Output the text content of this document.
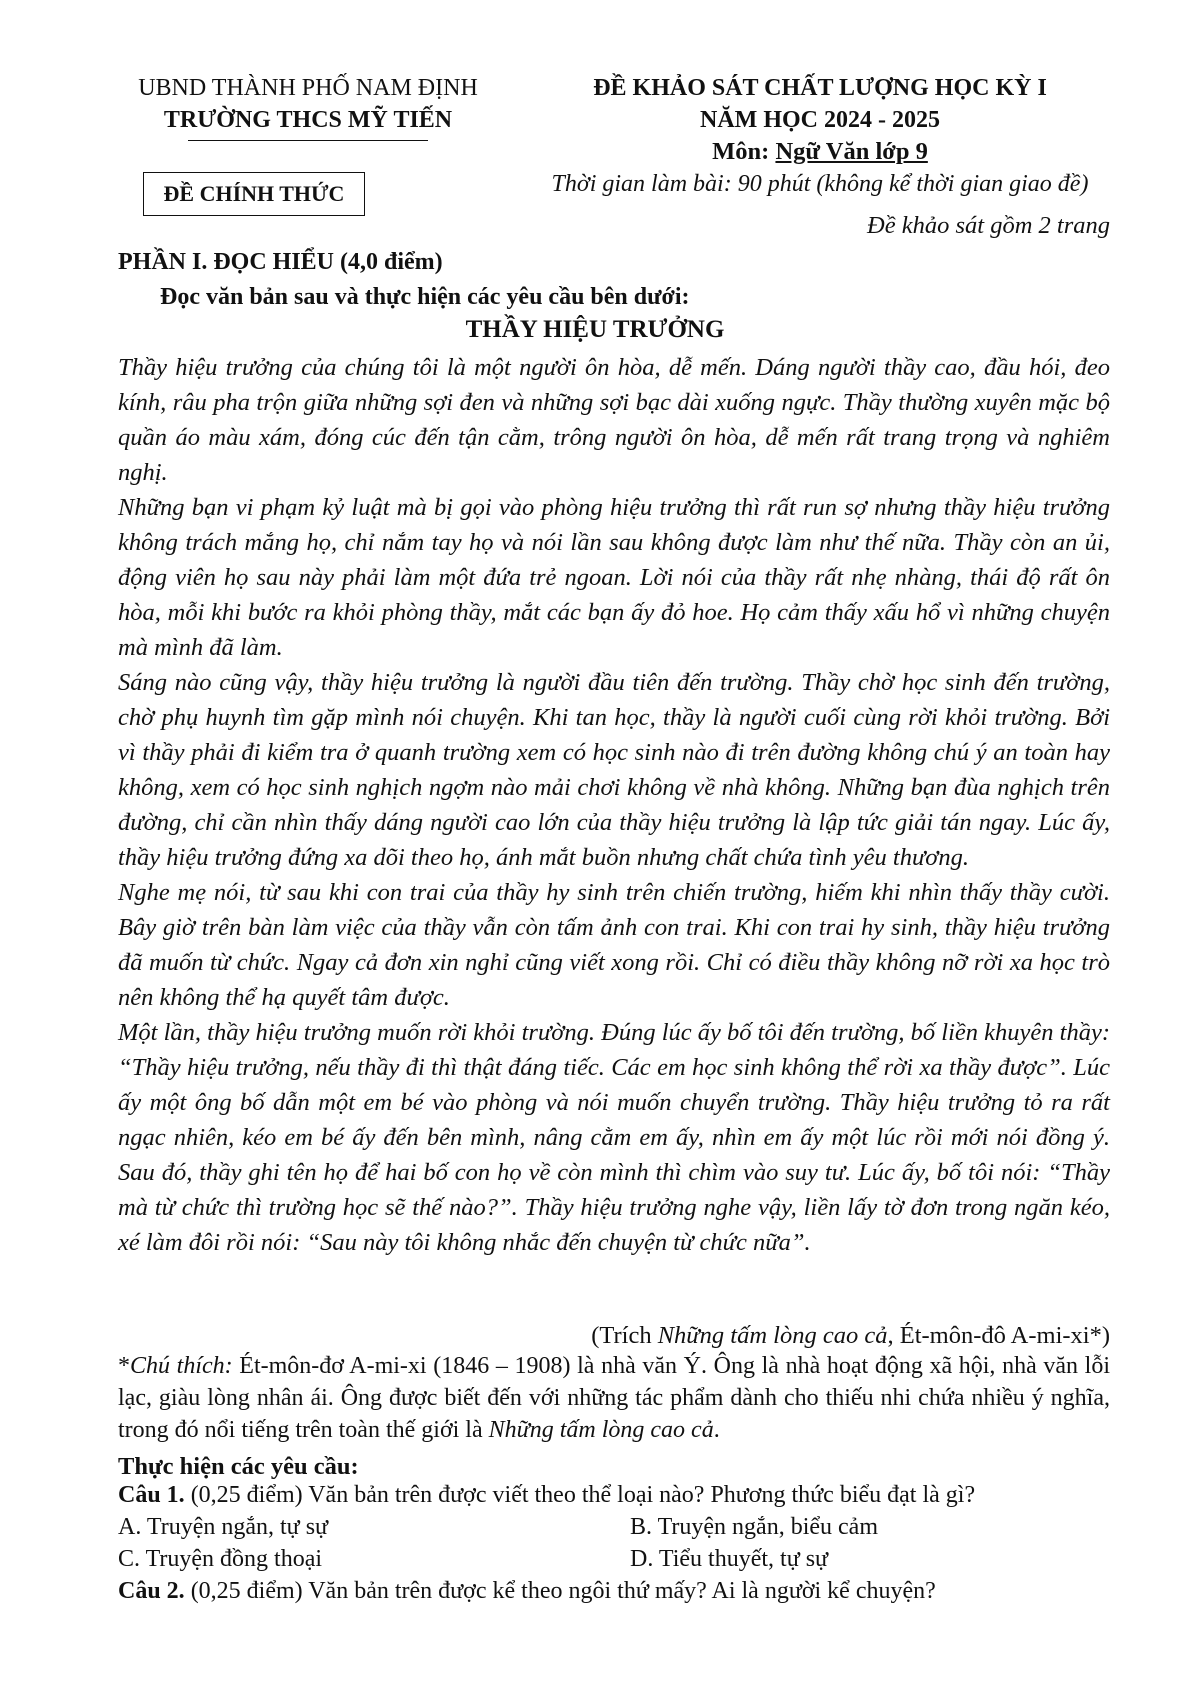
UBND THÀNH PHỐ NAM ĐỊNH
TRƯỜNG THCS MỸ TIẾN
ĐỀ CHÍNH THỨC
ĐỀ KHẢO SÁT CHẤT LƯỢNG HỌC KỲ I
NĂM HỌC 2024 - 2025
Môn: Ngữ Văn lớp 9
Thời gian làm bài: 90 phút (không kể thời gian giao đề)
Đề khảo sát gồm 2 trang
PHẦN I. ĐỌC HIỂU (4,0 điểm)
Đọc văn bản sau và thực hiện các yêu cầu bên dưới:
THẦY HIỆU TRƯỞNG

Thầy hiệu trưởng của chúng tôi là một người ôn hòa, dễ mến. Dáng người thầy cao, đầu hói, đeo kính, râu pha trộn giữa những sợi đen và những sợi bạc dài xuống ngực. Thầy thường xuyên mặc bộ quần áo màu xám, đóng cúc đến tận cằm, trông người ôn hòa, dễ mến rất trang trọng và nghiêm nghị.

Những bạn vi phạm kỷ luật mà bị gọi vào phòng hiệu trưởng thì rất run sợ nhưng thầy hiệu trưởng không trách mắng họ, chỉ nắm tay họ và nói lần sau không được làm như thế nữa. Thầy còn an ủi, động viên họ sau này phải làm một đứa trẻ ngoan. Lời nói của thầy rất nhẹ nhàng, thái độ rất ôn hòa, mỗi khi bước ra khỏi phòng thầy, mắt các bạn ấy đỏ hoe. Họ cảm thấy xấu hổ vì những chuyện mà mình đã làm.

Sáng nào cũng vậy, thầy hiệu trưởng là người đầu tiên đến trường. Thầy chờ học sinh đến trường, chờ phụ huynh tìm gặp mình nói chuyện. Khi tan học, thầy là người cuối cùng rời khỏi trường. Bởi vì thầy phải đi kiểm tra ở quanh trường xem có học sinh nào đi trên đường không chú ý an toàn hay không, xem có học sinh nghịch ngợm nào mải chơi không về nhà không. Những bạn đùa nghịch trên đường, chỉ cần nhìn thấy dáng người cao lớn của thầy hiệu trưởng là lập tức giải tán ngay. Lúc ấy, thầy hiệu trưởng đứng xa dõi theo họ, ánh mắt buồn nhưng chất chứa tình yêu thương.

Nghe mẹ nói, từ sau khi con trai của thầy hy sinh trên chiến trường, hiếm khi nhìn thấy thầy cười. Bây giờ trên bàn làm việc của thầy vẫn còn tấm ảnh con trai. Khi con trai hy sinh, thầy hiệu trưởng đã muốn từ chức. Ngay cả đơn xin nghỉ cũng viết xong rồi. Chỉ có điều thầy không nỡ rời xa học trò nên không thể hạ quyết tâm được.

Một lần, thầy hiệu trưởng muốn rời khỏi trường. Đúng lúc ấy bố tôi đến trường, bố liền khuyên thầy: “Thầy hiệu trưởng, nếu thầy đi thì thật đáng tiếc. Các em học sinh không thể rời xa thầy được”. Lúc ấy một ông bố dẫn một em bé vào phòng và nói muốn chuyển trường. Thầy hiệu trưởng tỏ ra rất ngạc nhiên, kéo em bé ấy đến bên mình, nâng cằm em ấy, nhìn em ấy một lúc rồi mới nói đồng ý. Sau đó, thầy ghi tên họ để hai bố con họ về còn mình thì chìm vào suy tư. Lúc ấy, bố tôi nói: “Thầy mà từ chức thì trường học sẽ thế nào?”. Thầy hiệu trưởng nghe vậy, liền lấy tờ đơn trong ngăn kéo, xé làm đôi rồi nói: “Sau này tôi không nhắc đến chuyện từ chức nữa”.

(Trích Những tấm lòng cao cả, Ét-môn-đô A-mi-xi*)

*Chú thích: Ét-môn-đơ A-mi-xi (1846 – 1908) là nhà văn Ý. Ông là nhà hoạt động xã hội, nhà văn lỗi lạc, giàu lòng nhân ái. Ông được biết đến với những tác phẩm dành cho thiếu nhi chứa nhiều ý nghĩa, trong đó nổi tiếng trên toàn thế giới là Những tấm lòng cao cả.

Thực hiện các yêu cầu:
Câu 1. (0,25 điểm) Văn bản trên được viết theo thể loại nào? Phương thức biểu đạt là gì?
A. Truyện ngắn, tự sự	B. Truyện ngắn, biểu cảm
C. Truyện đồng thoại	D. Tiểu thuyết, tự sự
Câu 2. (0,25 điểm) Văn bản trên được kể theo ngôi thứ mấy? Ai là người kể chuyện?
